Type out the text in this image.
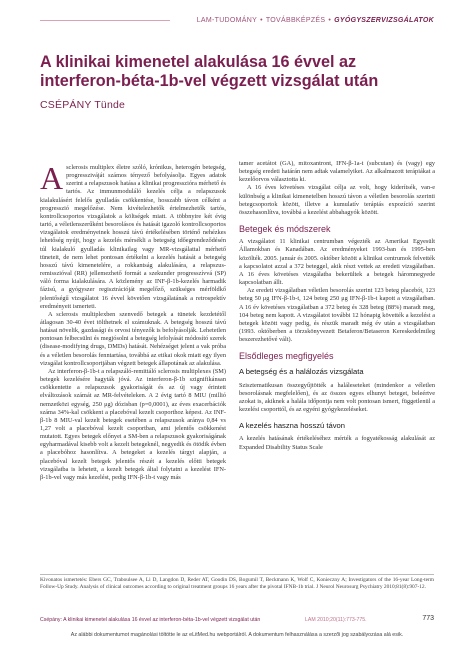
LAM-TUDOMÁNY • TOVÁBBKÉPZÉS • GYÓGYSZERVIZSGÁLATOK
A klinikai kimenetel alakulása 16 évvel az
interferon-béta-1b-vel végzett vizsgálat után
CSÉPÁNY Tünde

Asclerosis multiplex életre szóló, krónikus, heterogén betegség, progressziváját számos tényező befolyásolja. Egyes adatok szerint a relapszusok hatása a klinikai progresszióra mérhető és tartós. Az immunmoduláló kezelés célja a relapszusok kialakulásért felelős gyulladás csökkentése, hosszabb távon célként a progresszió megelőzése. Nem kivételezhetők értelmezhetők tartós, kontrollcsoportos vizsgálatok a költségek miatt. A többnyire két évig tartó, a véletlenszerűként besorolásos és hatását igazoló kontrollcsoportos vizsgálatok eredményeinek hosszú távú értékelésében történő nehézkes lehetőség nyújt, hogy a kezelés mérsékli a betegség időegrendeződésén túl kialakuló gyulladás klinikailag vagy MR-vizsgálattal mérhető tüneteit, de nem lehet pontosan értékelni a kezelés hatását a betegség hosszú távú kimenetelére, a rokkantság alakulására, a relapszus-remisszióval (RR) jellemezhető formát a szekunder progresszívvá (SP) váló forma kialakulására. A közlemény az INF-β-1b-kezelés harmadik fázisú, a gyógyszer regisztrációját megelőző, szükséges mérföldkő jelentőségű vizsgálatot 16 évvel követően vizsgálatának a retrospektív eredményeit ismerteti.

A sclerosis multiplexben szenvedő betegek a tünetek kezdetétől átlagosan 30-40 évet tölthetnek el számuknak. A betegség hosszú távú hatásai növelik, gazdasági és orvosi tényezők is befolyásolják. Lehetetlen pontosan felbecsülni és megjósolni a betegség lefolyását módosító szerek (disease-modifying drugs, DMDs) hatását. Nehézséget jelent a vak próba és a véletlen besorolás fenntartása, továbbá az etikai okok miatt egy ilyen vizsgálat kontrollcsoportjában végzett betegek állapotának az alakulása.

Az interferon-β-1b-t a relapszáló-remittáló sclerosis multiplexes (SM) betegek kezelésére hagyták jóvá. Az interferon-β-1b szignifikánsan csökkentette a relapszusok gyakoriságát és az új vagy érintett elváltozások számát az MR-felvételeken. A 2 évig tartó 8 MIU (millió nemzetközi egység, 250 μg) dózisban (p=0,0001), az éves exacerbációk száma 34%-kal csökkent a placebóval kezelt csoporthoz képest. Az INF-β-1b 8 MIU-val kezelt betegek esetében a relapszusok aránya 0,84 vs 1,27 volt a placebóval kezelt csoportban, ami jelentős csökkenést mutatott. Egyes betegek előnyei a SM-ben a relapszusok gyakoriságának egyharmadával kisebb volt a kezelt betegeknél, negyedik és ötödik évben a placebóhoz hasonlítva. A betegeket a kezelés tárgyi alapján, a placebóval kezelt betegek jelentős részét a kezelés előtti betegek vizsgálatba is lehetett, a kezelt betegek által folytatni a kezelést IFN-β-1b-vel vagy más kezelést, pedig IFN-β-1b-t vagy más

tamer acetátot (GA), mitoxantront, IFN-β-1a-t (subcutan) és (vagy) egy betegség eredeti határán nem adtak valamelyiket. Az alkalmazott terápiákat a kezelőorvos választotta ki.

A 16 éves követéses vizsgálat célja az volt, hogy kiderítsék, van-e különbség a klinikai kimenetelben hosszú távon a véletlen besorolás szerinti betegcsoportok között, illetve a kumulatív terápiás expozíció szerint összehasonlítva, továbbá a kezelést abbahagyók között.

Betegek és módszerek

A vizsgálatot 11 klinikai centrumban végezték az Amerikai Egyesült Államokban és Kanadában. Az eredményeket 1993-ban és 1995-ben közölték. 2005. január és 2005. október között a klinikai centrumok felvették a kapcsolatot azzal a 372 beteggel, akik részt vettek az eredeti vizsgálatban. A 16 éves követéses vizsgálatba bekerültek a betegek háromnegyede kapcsolatban állt.

Az eredeti vizsgálatban véletlen besorolás szerint 123 beteg placebót, 123 beteg 50 μg IFN-β-1b-t, 124 beteg 250 μg IFN-β-1b-t kapott a vizsgálatban. A 16 év követéses vizsgálatban a 372 beteg és 328 beteg (88%) maradt meg, 104 beteg nem kapott. A vizsgálatot további 12 hónapig követték a kezelést a betegek között vagy pedig, és részük maradt még év után a vizsgálatban (1993. októberben a törzskönyvezett Betaferon/Betaseron Kereskedelmileg beszerezhetővé vált).

Elsődleges megfigyelés
A betegség és a halálozás vizsgálata

Szisztematikusan összegyűjtötték a haláleseteket (mindenkor a véletlen besorolásnak megfelelően), és az összes egyes elhunyt beteget, beleértve azokat is, akiknek a halála időpontja nem volt pontosan ismert, függetlenül a kezelési csoporttól, és az egyéni gyógykezeléseket.

A kezelés hasznа hosszú távon

A kezelés hatásának értékeléséhez mérték a fogyatékosság alakulását az Expanded Disability Status Scale

Kivonatos ismertetés: Ebers GC, Traboulsee A, Li D, Langdon D, Reder AT, Goodin DS, Bogumil T, Beckmann K, Wolf C, Konieczny A; Investigators of the 16-year Long-term Follow-Up Study. Analysis of clinical outcomes according to original treatment groups 16 years after the pivotal IFNB-1b trial. J Neurol Neurosurg Psychiatry 2010;81(8):907-12.
Csépány: A klinikai kimenetel alakulása 16 évvel az interferon-béta-1b-vel végzett vizsgálat után	LAM 2010;20(11):773-775.	773
Az alábbi dokumentumot magánolási töltötte le az eLitMed.hu webportálról. A dokumentum felhasználása a szerzői jog szabályozása alá esik.
